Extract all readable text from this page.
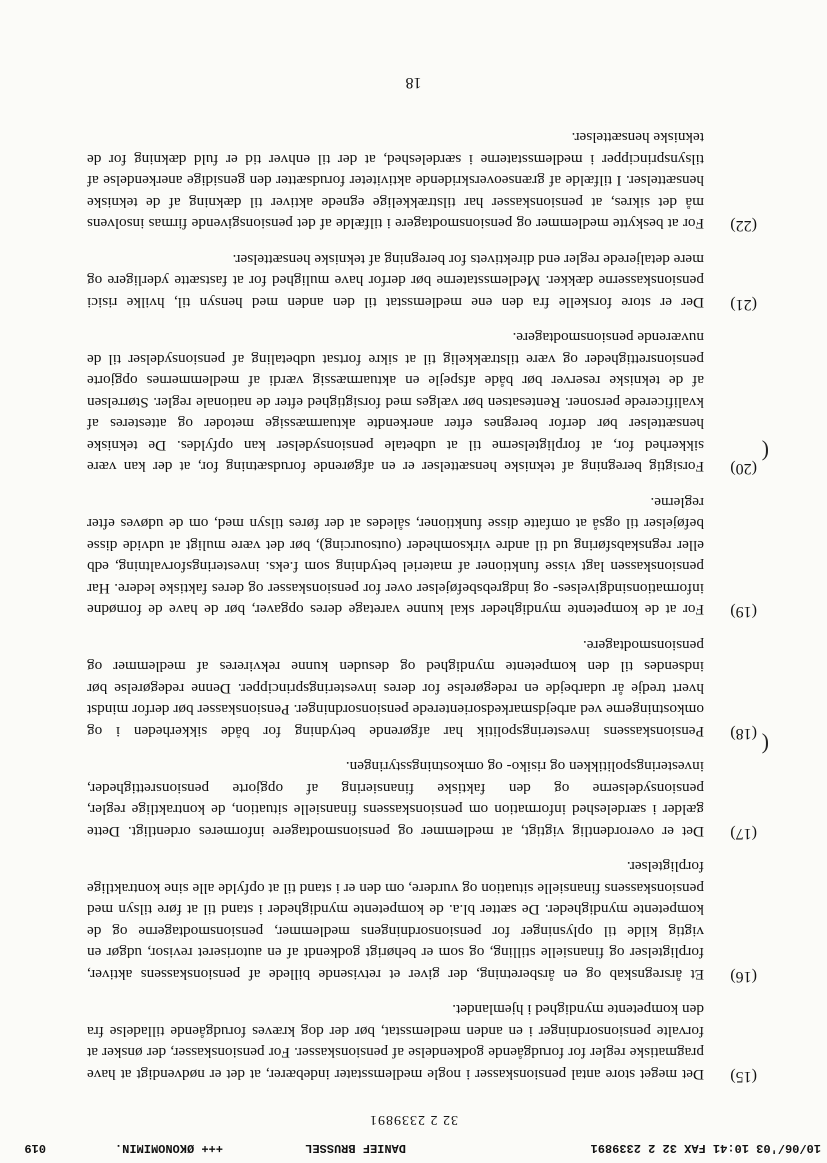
10/06/'03 10:41 FAX 32 2 2339891
DANIEF BRUSSEL
+++ ØKONOMIMIN.
019
32 2 2339891
(15)
Det meget store antal pensionskasser i nogle medlemsstater indebærer, at det er nødvendigt at have pragmatiske regler for forudgående godkendelse af pensionskasser. For pensionskasser, der ønsker at forvalte pensionsordninger i en anden medlemsstat, bør der dog kræves forudgående tilladelse fra den kompetente myndighed i hjemlandet.
(16)
Et årsregnskab og en årsberetning, der giver et retvisende billede af pensionskassens aktiver, forpligtelser og finansielle stilling, og som er behørigt godkendt af en autoriseret revisor, udgør en vigtig kilde til oplysninger for pensionsordningens medlemmer, pensionsmodtagerne og de kompetente myndigheder. De sætter bl.a. de kompetente myndigheder i stand til at føre tilsyn med pensionskassens finansielle situation og vurdere, om den er i stand til at opfylde alle sine kontraktlige forpligtelser.
(17)
Det er overordentlig vigtigt, at medlemmer og pensionsmodtagere informeres ordentligt. Dette gælder i særdeleshed information om pensionskassens finansielle situation, de kontraktlige regler, pensionsydelserne og den faktiske finansiering af opgjorte pensionsrettigheder, investeringspolitikken og risiko- og omkostningsstyringen.
(18)
Pensionskassens investeringspolitik har afgørende betydning for både sikkerheden i og omkostningerne ved arbejdsmarkedsorienterede pensionsordninger. Pensionskasser bør derfor mindst hvert tredje år udarbejde en redegørelse for deres investeringsprincipper. Denne redegørelse bør indsendes til den kompetente myndighed og desuden kunne rekvireres af medlemmer og pensionsmodtagere.
(19)
For at de kompetente myndigheder skal kunne varetage deres opgaver, bør de have de fornødne informationsindgivelses- og indgrebsbeføjelser over for pensionskasser og deres faktiske ledere. Har pensionskassen lagt visse funktioner af materiel betydning som f.eks. investeringsforvaltning, edb eller regnskabsføring ud til andre virksomheder (outsourcing), bør det være muligt at udvide disse beføjelser til også at omfatte disse funktioner, således at der føres tilsyn med, om de udøves efter reglerne.
(20)
Forsigtig beregning af tekniske hensættelser er en afgørende forudsætning for, at der kan være sikkerhed for, at forpligtelserne til at udbetale pensionsydelser kan opfyldes. De tekniske hensættelser bør derfor beregnes efter anerkendte aktuarmæssige metoder og attesteres af kvalificerede personer. Rentesatsen bør vælges med forsigtighed efter de nationale regler. Størrelsen af de tekniske reserver bør både afspejle en aktuarmæssig værdi af medlemmernes opgjorte pensionsrettigheder og være tilstrækkelig til at sikre fortsat udbetaling af pensionsydelser til de nuværende pensionsmodtagere.
(21)
Der er store forskelle fra den ene medlemsstat til den anden med hensyn til, hvilke risici pensionskasserne dækker. Medlemsstaterne bør derfor have mulighed for at fastsætte yderligere og mere detaljerede regler end direktivets for beregning af tekniske hensættelser.
(22)
For at beskytte medlemmer og pensionsmodtagere i tilfælde af det pensionsgivende firmas insolvens må det sikres, at pensionskasser har tilstrækkelige egnede aktiver til dækning af de tekniske hensættelser. I tilfælde af grænseoverskridende aktiviteter forudsætter den gensidige anerkendelse af tilsynsprincipper i medlemsstaterne i særdeleshed, at der til enhver tid er fuld dækning for de tekniske hensættelser.
(
(
18
